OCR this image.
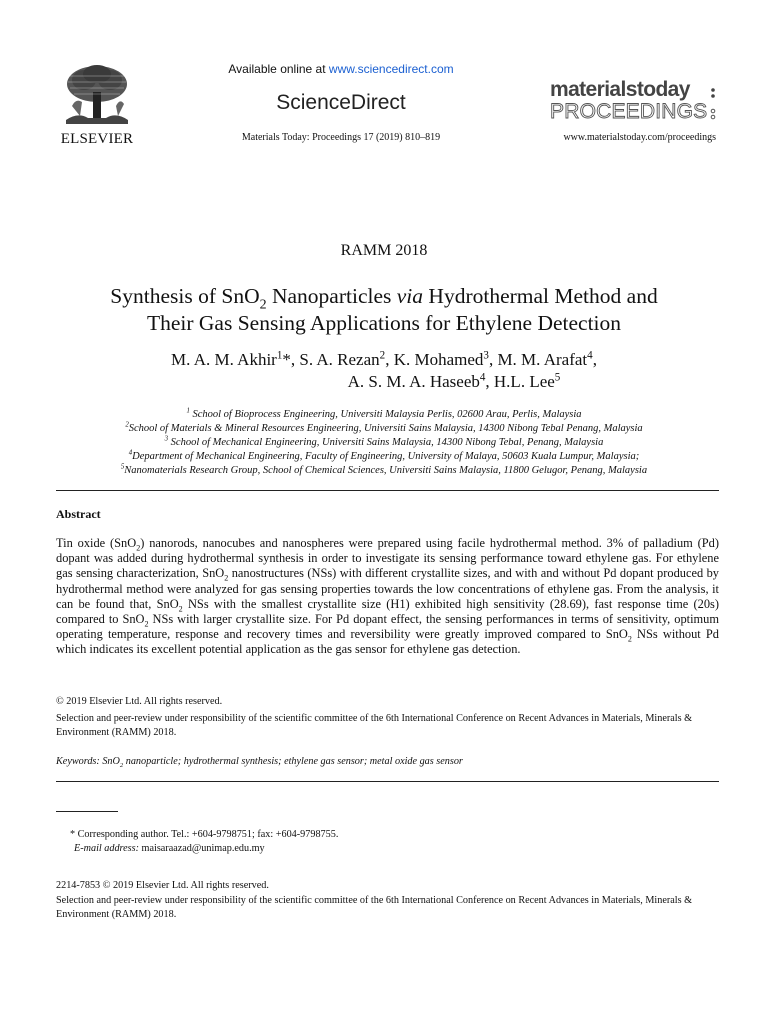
ELSEVIER
Available online at www.sciencedirect.com
ScienceDirect
Materials Today: Proceedings 17 (2019) 810–819
materialstoday
PROCEEDINGS
www.materialstoday.com/proceedings
RAMM 2018
Synthesis of SnO$_2$ Nanoparticles via Hydrothermal Method and
Their Gas Sensing Applications for Ethylene Detection
M. A. M. Akhir$^1$*, S. A. Rezan$^2$, K. Mohamed$^3$, M. M. Arafat$^4$,
A. S. M. A. Haseeb$^4$, H.L. Lee$^5$
$^1$ School of Bioprocess Engineering, Universiti Malaysia Perlis, 02600 Arau, Perlis, Malaysia
$^2$School of Materials & Mineral Resources Engineering, Universiti Sains Malaysia, 14300 Nibong Tebal Penang, Malaysia
$^3$ School of Mechanical Engineering, Universiti Sains Malaysia, 14300 Nibong Tebal, Penang, Malaysia
$^4$Department of Mechanical Engineering, Faculty of Engineering, University of Malaya, 50603 Kuala Lumpur, Malaysia;
$^5$Nanomaterials Research Group, School of Chemical Sciences, Universiti Sains Malaysia, 11800 Gelugor, Penang, Malaysia
Abstract
Tin oxide (SnO$_2$) nanorods, nanocubes and nanospheres were prepared using facile hydrothermal method. 3% of palladium (Pd) dopant was added during hydrothermal synthesis in order to investigate its sensing performance toward ethylene gas. For ethylene gas sensing characterization, SnO$_2$ nanostructures (NSs) with different crystallite sizes, and with and without Pd dopant produced by hydrothermal method were analyzed for gas sensing properties towards the low concentrations of ethylene gas. From the analysis, it can be found that, SnO$_2$ NSs with the smallest crystallite size (H1) exhibited high sensitivity (28.69), fast response time (20s) compared to SnO$_2$ NSs with larger crystallite size. For Pd dopant effect, the sensing performances in terms of sensitivity, optimum operating temperature, response and recovery times and reversibility were greatly improved compared to SnO$_2$ NSs without Pd which indicates its excellent potential application as the gas sensor for ethylene gas detection.
© 2019 Elsevier Ltd. All rights reserved.
Selection and peer-review under responsibility of the scientific committee of the 6th International Conference on Recent Advances in Materials, Minerals & Environment (RAMM) 2018.
Keywords: SnO$_2$ nanoparticle; hydrothermal synthesis; ethylene gas sensor; metal oxide gas sensor
* Corresponding author. Tel.: +604-9798751; fax: +604-9798755.
E-mail address: maisaraazad@unimap.edu.my
2214-7853 © 2019 Elsevier Ltd. All rights reserved.
Selection and peer-review under responsibility of the scientific committee of the 6th International Conference on Recent Advances in Materials, Minerals & Environment (RAMM) 2018.
